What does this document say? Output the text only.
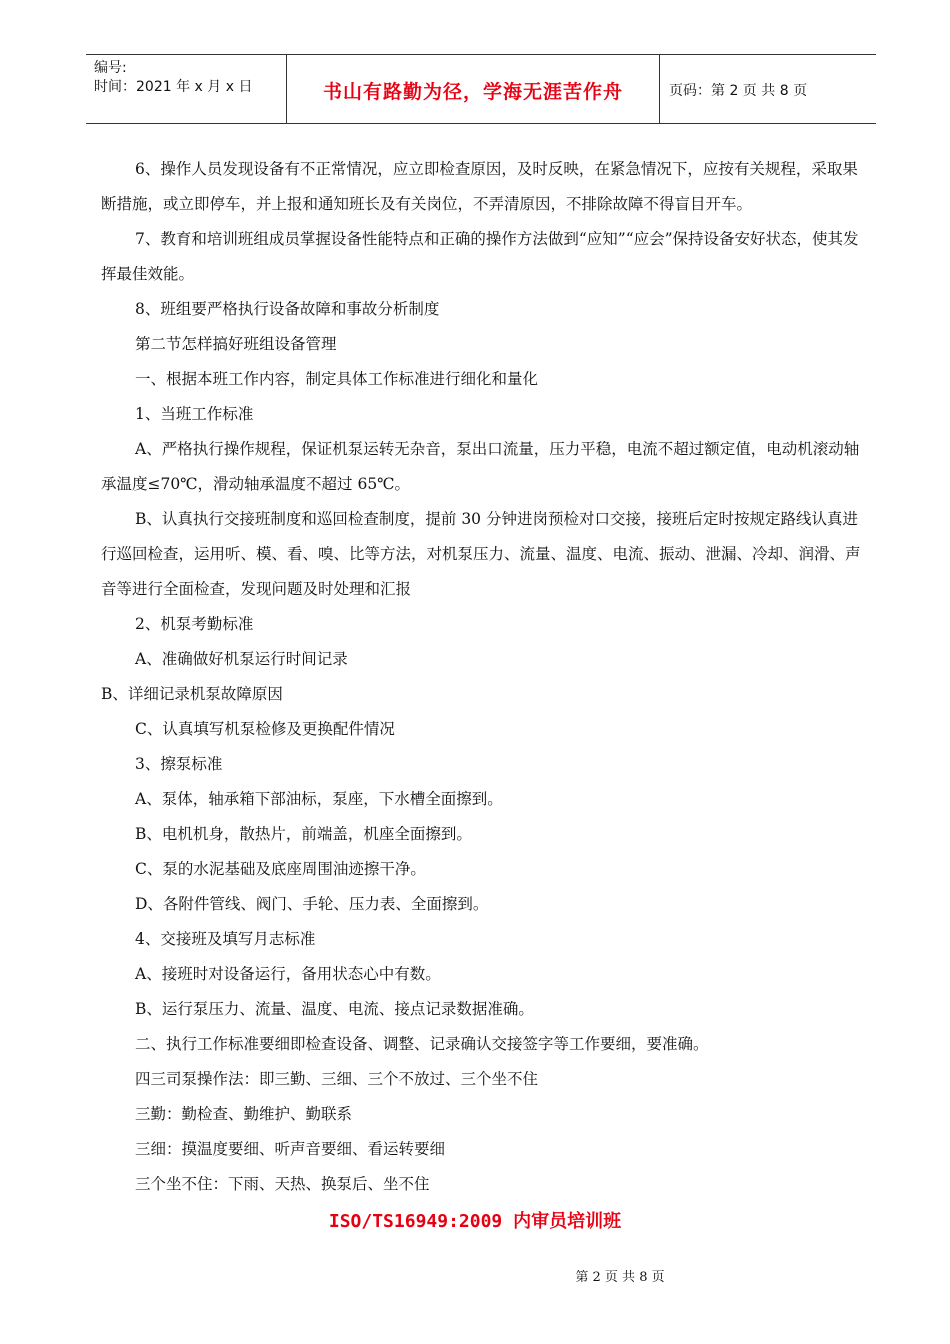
编号:
时间：2021 年 x 月 x 日	书山有路勤为径，学海无涯苦作舟	页码：第 2 页 共 8 页

6、操作人员发现设备有不正常情况，应立即检查原因，及时反映，在紧急情况下，应按有关规程，采取果断措施，或立即停车，并上报和通知班长及有关岗位，不弄清原因，不排除故障不得盲目开车。

7、教育和培训班组成员掌握设备性能特点和正确的操作方法做到“应知”“应会”保持设备安好状态，使其发挥最佳效能。

8、班组要严格执行设备故障和事故分析制度

第二节怎样搞好班组设备管理

一、根据本班工作内容，制定具体工作标准进行细化和量化

1、当班工作标准

A、严格执行操作规程，保证机泵运转无杂音，泵出口流量，压力平稳，电流不超过额定值，电动机滚动轴承温度≤70℃，滑动轴承温度不超过 65℃。

B、认真执行交接班制度和巡回检查制度，提前 30 分钟进岗预检对口交接，接班后定时按规定路线认真进行巡回检查，运用听、模、看、嗅、比等方法，对机泵压力、流量、温度、电流、振动、泄漏、冷却、润滑、声音等进行全面检查，发现问题及时处理和汇报

2、机泵考勤标准

A、准确做好机泵运行时间记录

B、详细记录机泵故障原因

C、认真填写机泵检修及更换配件情况

3、擦泵标准

A、泵体，轴承箱下部油标，泵座，下水槽全面擦到。

B、电机机身，散热片，前端盖，机座全面擦到。

C、泵的水泥基础及底座周围油迹擦干净。

D、各附件管线、阀门、手轮、压力表、全面擦到。

4、交接班及填写月志标准

A、接班时对设备运行，备用状态心中有数。

B、运行泵压力、流量、温度、电流、接点记录数据准确。

二、执行工作标准要细即检查设备、调整、记录确认交接签字等工作要细，要准确。

四三司泵操作法：即三勤、三细、三个不放过、三个坐不住

三勤：勤检查、勤维护、勤联系

三细：摸温度要细、听声音要细、看运转要细

三个坐不住：下雨、天热、换泵后、坐不住

ISO/TS16949:2009 内审员培训班
第 2 页 共 8 页
